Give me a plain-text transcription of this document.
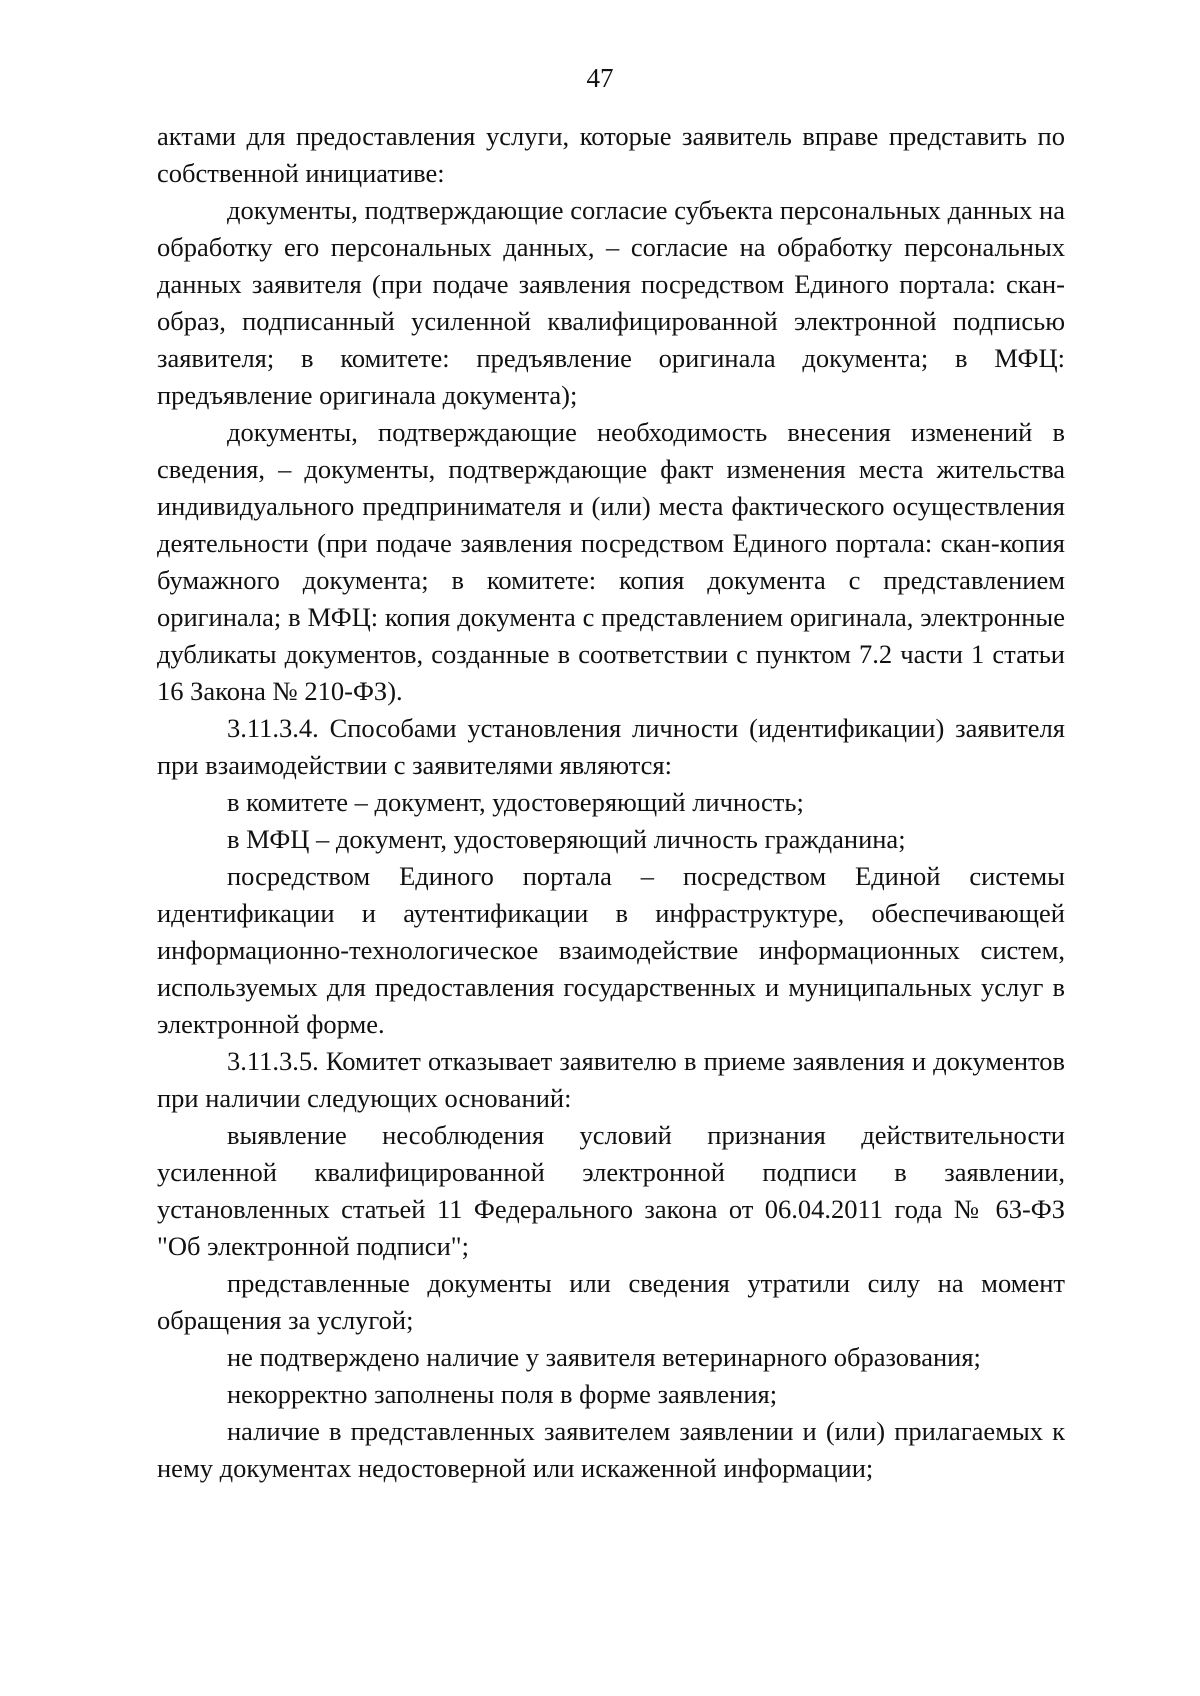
47

актами для предоставления услуги, которые заявитель вправе представить по собственной инициативе:

документы, подтверждающие согласие субъекта персональных данных на обработку его персональных данных, – согласие на обработку персональных данных заявителя (при подаче заявления посредством Единого портала: скан-образ, подписанный усиленной квалифицированной электронной подписью заявителя; в комитете: предъявление оригинала документа; в МФЦ: предъявление оригинала документа);

документы, подтверждающие необходимость внесения изменений в сведения, – документы, подтверждающие факт изменения места жительства индивидуального предпринимателя и (или) места фактического осуществления деятельности (при подаче заявления посредством Единого портала: скан-копия бумажного документа; в комитете: копия документа с представлением оригинала; в МФЦ: копия документа с представлением оригинала, электронные дубликаты документов, созданные в соответствии с пунктом 7.2 части 1 статьи 16 Закона № 210-ФЗ).

3.11.3.4. Способами установления личности (идентификации) заявителя при взаимодействии с заявителями являются:

в комитете – документ, удостоверяющий личность;

в МФЦ – документ, удостоверяющий личность гражданина;

посредством Единого портала – посредством Единой системы идентификации и аутентификации в инфраструктуре, обеспечивающей информационно-технологическое взаимодействие информационных систем, используемых для предоставления государственных и муниципальных услуг в электронной форме.

3.11.3.5. Комитет отказывает заявителю в приеме заявления и документов при наличии следующих оснований:

выявление несоблюдения условий признания действительности усиленной квалифицированной электронной подписи в заявлении, установленных статьей 11 Федерального закона от 06.04.2011 года № 63-ФЗ "Об электронной подписи";

представленные документы или сведения утратили силу на момент обращения за услугой;

не подтверждено наличие у заявителя ветеринарного образования;

некорректно заполнены поля в форме заявления;

наличие в представленных заявителем заявлении и (или) прилагаемых к нему документах недостоверной или искаженной информации;
